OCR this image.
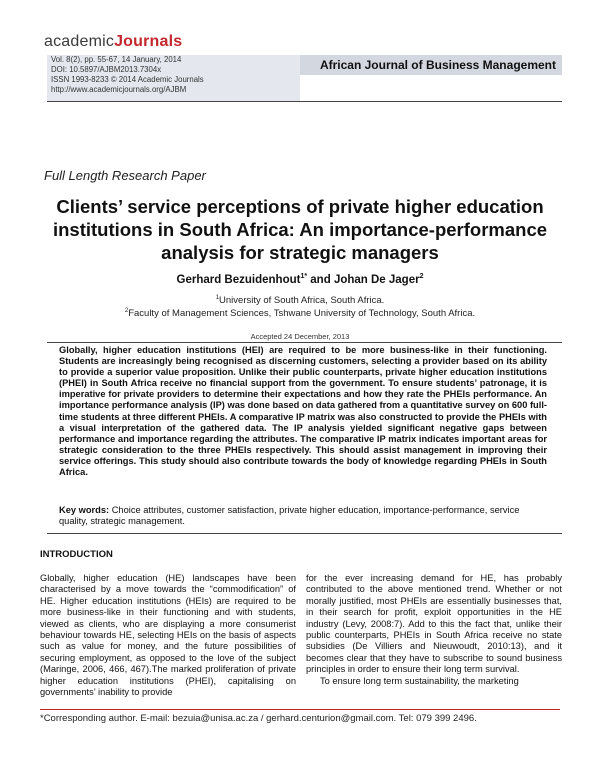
academicJournals
Vol. 8(2), pp. 55-67, 14 January, 2014
DOI: 10.5897/AJBM2013.7304x
ISSN 1993-8233 © 2014 Academic Journals
http://www.academicjournals.org/AJBM
African Journal of Business Management
Full Length Research Paper
Clients’ service perceptions of private higher education institutions in South Africa: An importance-performance analysis for strategic managers
Gerhard Bezuidenhout$^{1*}$ and Johan De Jager$^2$
$^1$University of South Africa, South Africa.
$^2$Faculty of Management Sciences, Tshwane University of Technology, South Africa.
Accepted 24 December, 2013
Globally, higher education institutions (HEI) are required to be more business-like in their functioning. Students are increasingly being recognised as discerning customers, selecting a provider based on its ability to provide a superior value proposition. Unlike their public counterparts, private higher education institutions (PHEI) in South Africa receive no financial support from the government. To ensure students’ patronage, it is imperative for private providers to determine their expectations and how they rate the PHEIs performance. An importance performance analysis (IP) was done based on data gathered from a quantitative survey on 600 full-time students at three different PHEIs. A comparative IP matrix was also constructed to provide the PHEIs with a visual interpretation of the gathered data. The IP analysis yielded significant negative gaps between performance and importance regarding the attributes. The comparative IP matrix indicates important areas for strategic consideration to the three PHEIs respectively. This should assist management in improving their service offerings. This study should also contribute towards the body of knowledge regarding PHEIs in South Africa.
Key words: Choice attributes, customer satisfaction, private higher education, importance-performance, service quality, strategic management.
INTRODUCTION
Globally, higher education (HE) landscapes have been characterised by a move towards the “commodification” of HE. Higher education institutions (HEIs) are required to be more business-like in their functioning and with students, viewed as clients, who are displaying a more consumerist behaviour towards HE, selecting HEIs on the basis of aspects such as value for money, and the future possibilities of securing employment, as opposed to the love of the subject (Maringe, 2006, 466, 467).The marked proliferation of private higher education institutions (PHEI), capitalising on governments’ inability to provide
for the ever increasing demand for HE, has probably contributed to the above mentioned trend. Whether or not morally justified, most PHEIs are essentially businesses that, in their search for profit, exploit opportunities in the HE industry (Levy, 2008:7). Add to this the fact that, unlike their public counterparts, PHEIs in South Africa receive no state subsidies (De Villiers and Nieuwoudt, 2010:13), and it becomes clear that they have to subscribe to sound business principles in order to ensure their long term survival.
To ensure long term sustainability, the marketing
*Corresponding author. E-mail: bezuia@unisa.ac.za / gerhard.centurion@gmail.com. Tel: 079 399 2496.
